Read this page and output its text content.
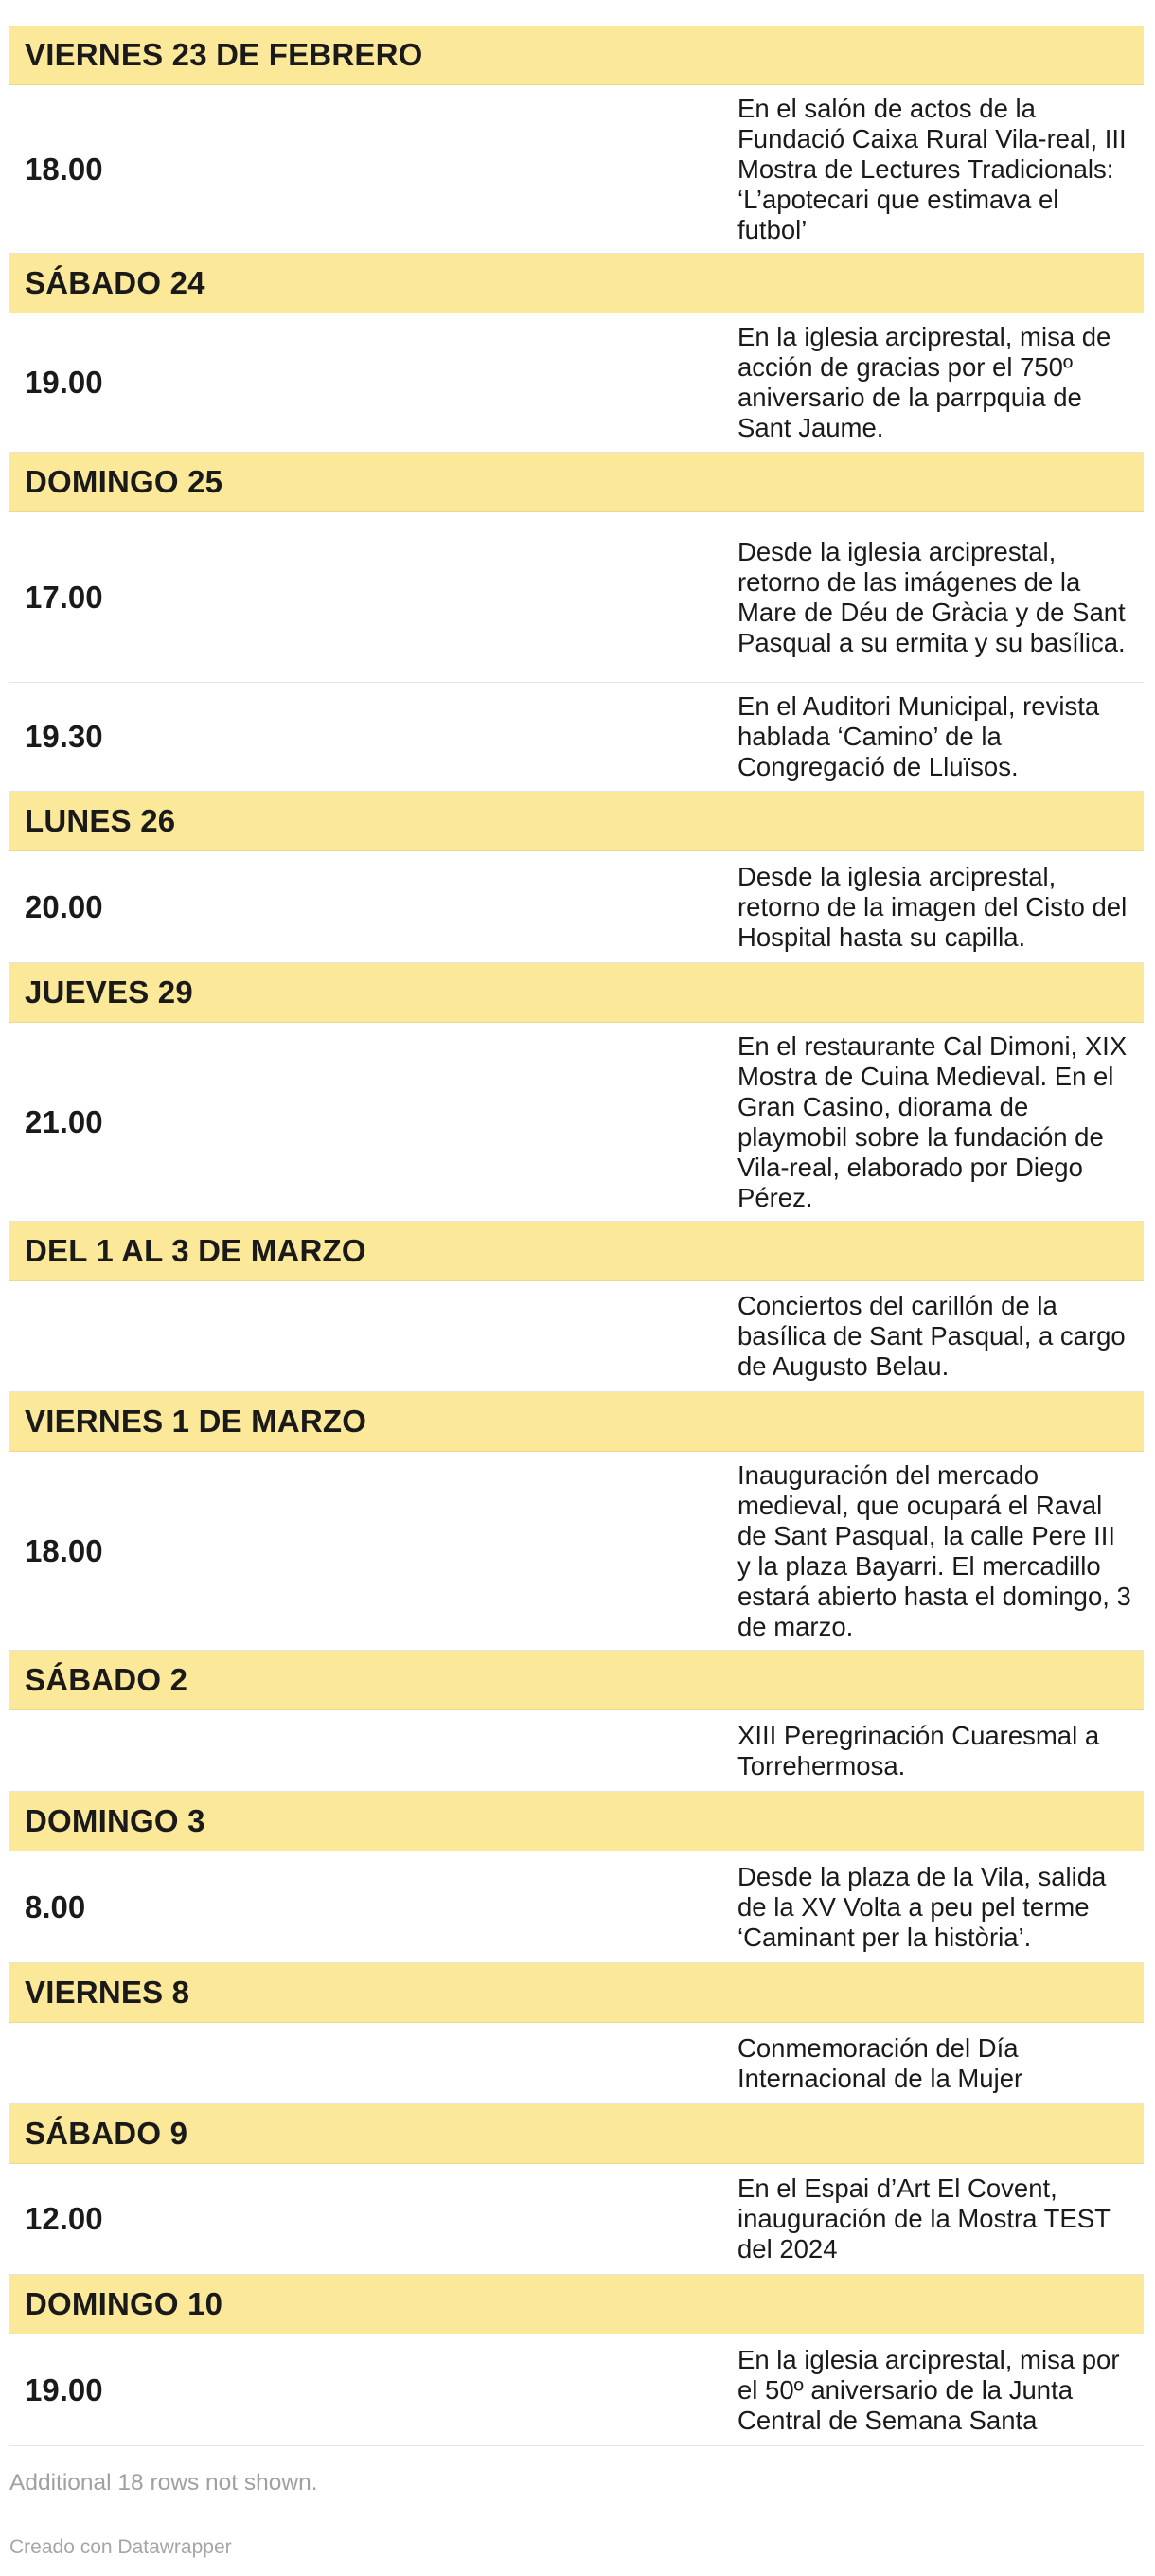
VIERNES 23 DE FEBRERO
18.00
En el salón de actos de la Fundació Caixa Rural Vila-real, III Mostra de Lectures Tradicionals: ‘L’apotecari que estimava el futbol’
SÁBADO 24
19.00
En la iglesia arciprestal, misa de acción de gracias por el 750º aniversario de la parrpquia de Sant Jaume.
DOMINGO 25
17.00
Desde la iglesia arciprestal, retorno de las imágenes de la Mare de Déu de Gràcia y de Sant Pasqual a su ermita y su basílica.
19.30
En el Auditori Municipal, revista hablada ‘Camino’ de la Congregació de Lluïsos.
LUNES 26
20.00
Desde la iglesia arciprestal, retorno de la imagen del Cisto del Hospital hasta su capilla.
JUEVES 29
21.00
En el restaurante Cal Dimoni, XIX Mostra de Cuina Medieval. En el Gran Casino, diorama de playmobil sobre la fundación de Vila-real, elaborado por Diego Pérez.
DEL 1 AL 3 DE MARZO
Conciertos del carillón de la basílica de Sant Pasqual, a cargo de Augusto Belau.
VIERNES 1 DE MARZO
18.00
Inauguración del mercado medieval, que ocupará el Raval de Sant Pasqual, la calle Pere III y la plaza Bayarri. El mercadillo estará abierto hasta el domingo, 3 de marzo.
SÁBADO 2
XIII Peregrinación Cuaresmal a Torrehermosa.
DOMINGO 3
8.00
Desde la plaza de la Vila, salida de la XV Volta a peu pel terme ‘Caminant per la història’.
VIERNES 8
Conmemoración del Día Internacional de la Mujer
SÁBADO 9
12.00
En el Espai d’Art El Covent, inauguración de la Mostra TEST del 2024
DOMINGO 10
19.00
En la iglesia arciprestal, misa por el 50º aniversario de la Junta Central de Semana Santa
Additional 18 rows not shown.
Creado con Datawrapper
